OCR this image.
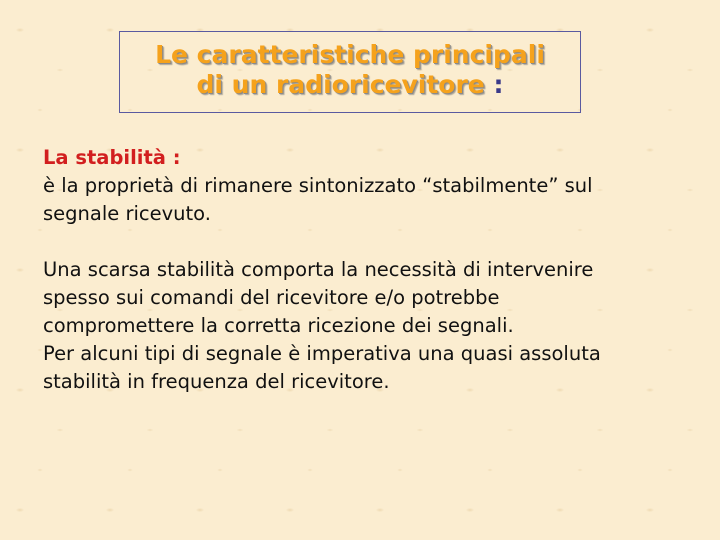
Le caratteristiche principali
di un radioricevitore :
La stabilità :
è la proprietà di rimanere sintonizzato “stabilmente” sul
segnale ricevuto.
Una scarsa stabilità comporta la necessità di intervenire
spesso sui comandi del ricevitore e/o potrebbe
compromettere la corretta ricezione dei segnali.
Per alcuni tipi di segnale è imperativa una quasi assoluta
stabilità in frequenza del ricevitore.
